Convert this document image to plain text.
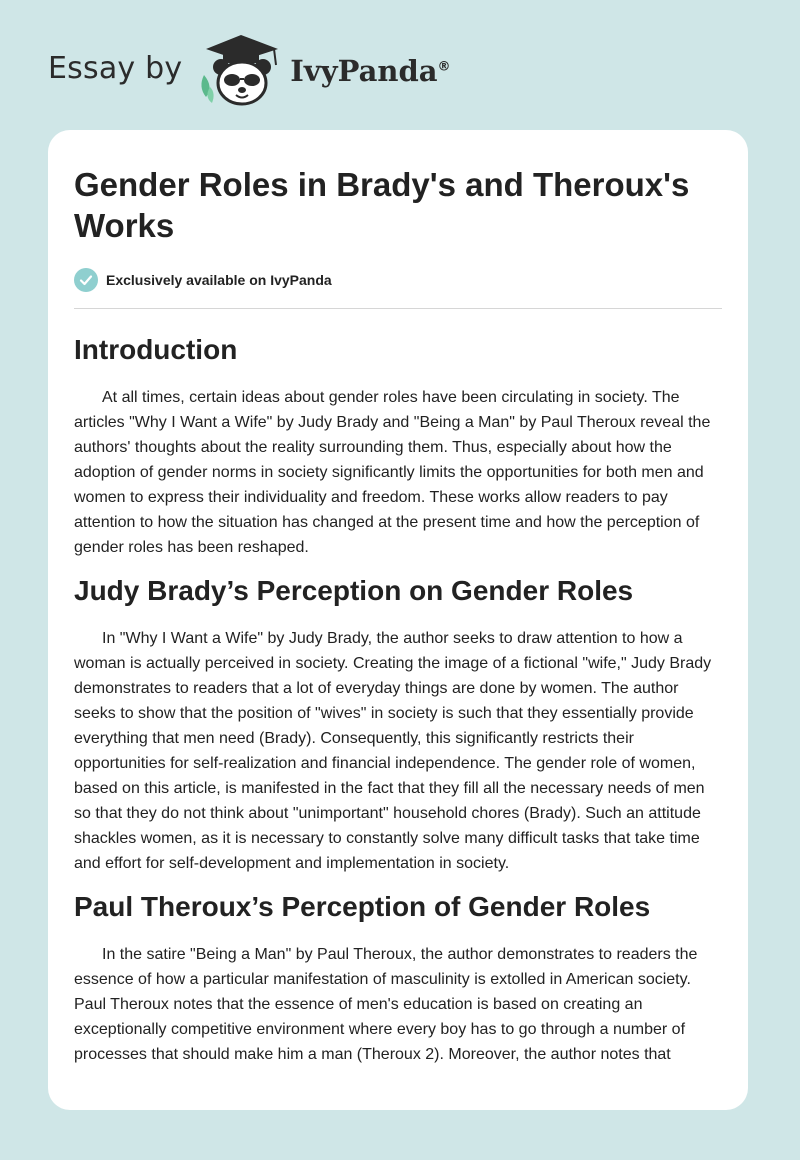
Essay by	IvyPanda®
Gender Roles in Brady's and Theroux's Works
Exclusively available on IvyPanda
Introduction

At all times, certain ideas about gender roles have been circulating in society. The articles "Why I Want a Wife" by Judy Brady and "Being a Man" by Paul Theroux reveal the authors' thoughts about the reality surrounding them. Thus, especially about how the adoption of gender norms in society significantly limits the opportunities for both men and women to express their individuality and freedom. These works allow readers to pay attention to how the situation has changed at the present time and how the perception of gender roles has been reshaped.

Judy Brady’s Perception on Gender Roles

In "Why I Want a Wife" by Judy Brady, the author seeks to draw attention to how a woman is actually perceived in society. Creating the image of a fictional "wife," Judy Brady demonstrates to readers that a lot of everyday things are done by women. The author seeks to show that the position of "wives" in society is such that they essentially provide everything that men need (Brady). Consequently, this significantly restricts their opportunities for self-realization and financial independence. The gender role of women, based on this article, is manifested in the fact that they fill all the necessary needs of men so that they do not think about "unimportant" household chores (Brady). Such an attitude shackles women, as it is necessary to constantly solve many difficult tasks that take time and effort for self-development and implementation in society.

Paul Theroux’s Perception of Gender Roles

In the satire "Being a Man" by Paul Theroux, the author demonstrates to readers the essence of how a particular manifestation of masculinity is extolled in American society. Paul Theroux notes that the essence of men's education is based on creating an exceptionally competitive environment where every boy has to go through a number of processes that should make him a man (Theroux 2). Moreover, the author notes that
